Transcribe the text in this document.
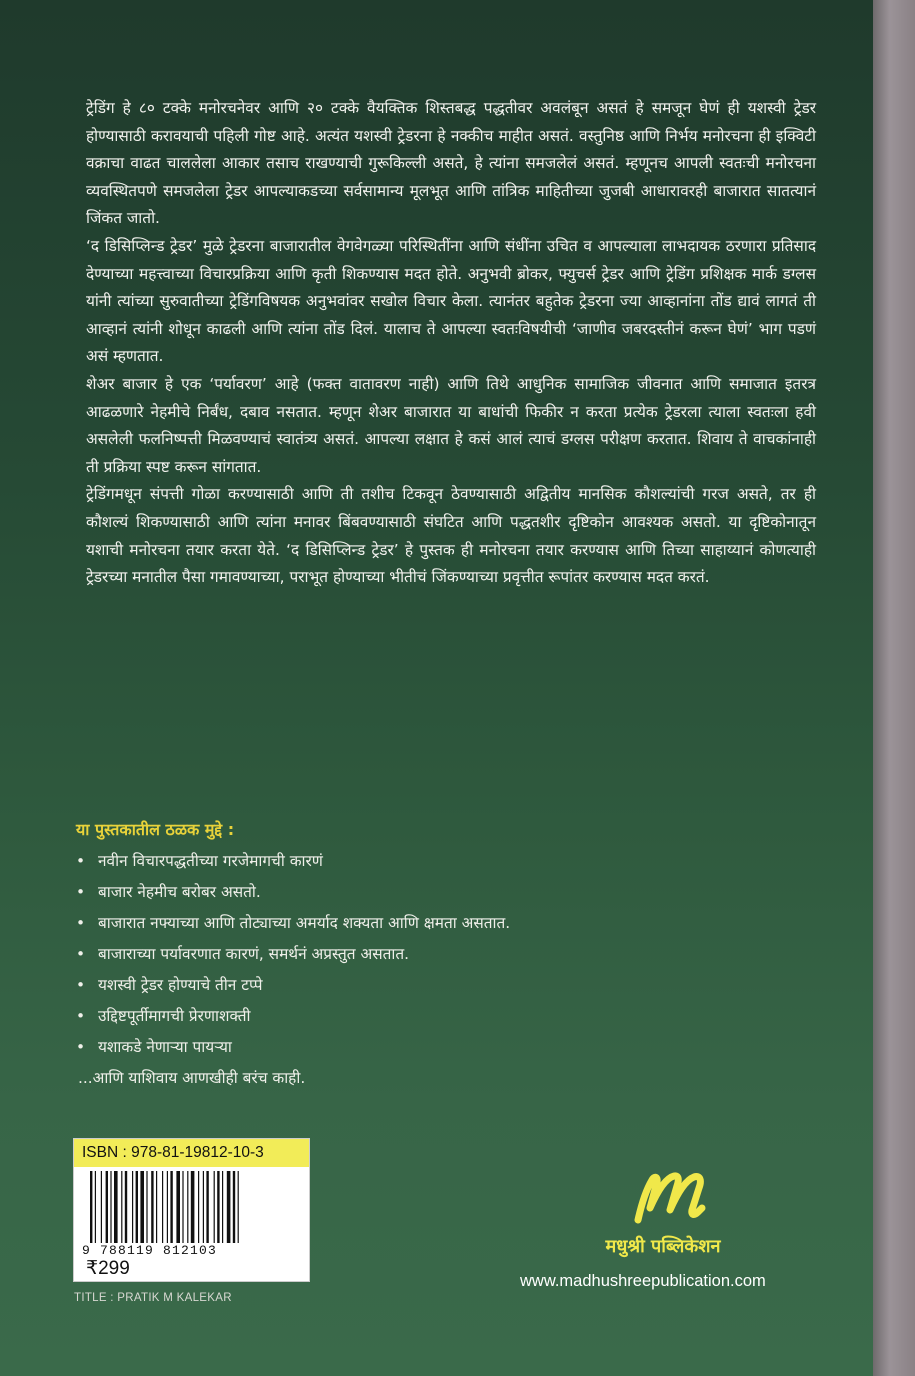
ट्रेडिंग हे ८० टक्के मनोरचनेवर आणि २० टक्के वैयक्तिक शिस्तबद्ध पद्धतीवर अवलंबून असतं हे समजून घेणं ही यशस्वी ट्रेडर होण्यासाठी करावयाची पहिली गोष्ट आहे. अत्यंत यशस्वी ट्रेडरना हे नक्कीच माहीत असतं. वस्तुनिष्ठ आणि निर्भय मनोरचना ही इक्विटी वक्राचा वाढत चाललेला आकार तसाच राखण्याची गुरूकिल्ली असते, हे त्यांना समजलेलं असतं. म्हणूनच आपली स्वतःची मनोरचना व्यवस्थितपणे समजलेला ट्रेडर आपल्याकडच्या सर्वसामान्य मूलभूत आणि तांत्रिक माहितीच्या जुजबी आधारावरही बाजारात सातत्यानं जिंकत जातो.

‘द डिसिप्लिन्ड ट्रेडर’ मुळे ट्रेडरना बाजारातील वेगवेगळ्या परिस्थितींना आणि संधींना उचित व आपल्याला लाभदायक ठरणारा प्रतिसाद देण्याच्या महत्त्वाच्या विचारप्रक्रिया आणि कृती शिकण्यास मदत होते. अनुभवी ब्रोकर, फ्युचर्स ट्रेडर आणि ट्रेडिंग प्रशिक्षक मार्क डग्लस यांनी त्यांच्या सुरुवातीच्या ट्रेडिंगविषयक अनुभवांवर सखोल विचार केला. त्यानंतर बहुतेक ट्रेडरना ज्या आव्हानांना तोंड द्यावं लागतं ती आव्हानं त्यांनी शोधून काढली आणि त्यांना तोंड दिलं. यालाच ते आपल्या स्वतःविषयीची ‘जाणीव जबरदस्तीनं करून घेणं’ भाग पडणं असं म्हणतात.

शेअर बाजार हे एक ‘पर्यावरण’ आहे (फक्त वातावरण नाही) आणि तिथे आधुनिक सामाजिक जीवनात आणि समाजात इतरत्र आढळणारे नेहमीचे निर्बंध, दबाव नसतात. म्हणून शेअर बाजारात या बाधांची फिकीर न करता प्रत्येक ट्रेडरला त्याला स्वतःला हवी असलेली फलनिष्पत्ती मिळवण्याचं स्वातंत्र्य असतं. आपल्या लक्षात हे कसं आलं त्याचं डग्लस परीक्षण करतात. शिवाय ते वाचकांनाही ती प्रक्रिया स्पष्ट करून सांगतात.

ट्रेडिंगमधून संपत्ती गोळा करण्यासाठी आणि ती तशीच टिकवून ठेवण्यासाठी अद्वितीय मानसिक कौशल्यांची गरज असते, तर ही कौशल्यं शिकण्यासाठी आणि त्यांना मनावर बिंबवण्यासाठी संघटित आणि पद्धतशीर दृष्टिकोन आवश्यक असतो. या दृष्टिकोनातून यशाची मनोरचना तयार करता येते. ‘द डिसिप्लिन्ड ट्रेडर’ हे पुस्तक ही मनोरचना तयार करण्यास आणि तिच्या साहाय्यानं कोणत्याही ट्रेडरच्या मनातील पैसा गमावण्याच्या, पराभूत होण्याच्या भीतीचं जिंकण्याच्या प्रवृत्तीत रूपांतर करण्यास मदत करतं.

या पुस्तकातील ठळक मुद्दे :
• नवीन विचारपद्धतीच्या गरजेमागची कारणं
• बाजार नेहमीच बरोबर असतो.
• बाजारात नफ्याच्या आणि तोट्याच्या अमर्याद शक्यता आणि क्षमता असतात.
• बाजाराच्या पर्यावरणात कारणं, समर्थनं अप्रस्तुत असतात.
• यशस्वी ट्रेडर होण्याचे तीन टप्पे
• उद्दिष्टपूर्तीमागची प्रेरणाशक्ती
• यशाकडे नेणाऱ्या पायऱ्या
...आणि याशिवाय आणखीही बरंच काही.
ISBN : 978-81-19812-10-3
9 788119 812103
₹299
TITLE : PRATIK M KALEKAR
मधुश्री पब्लिकेशन
www.madhushreepublication.com
